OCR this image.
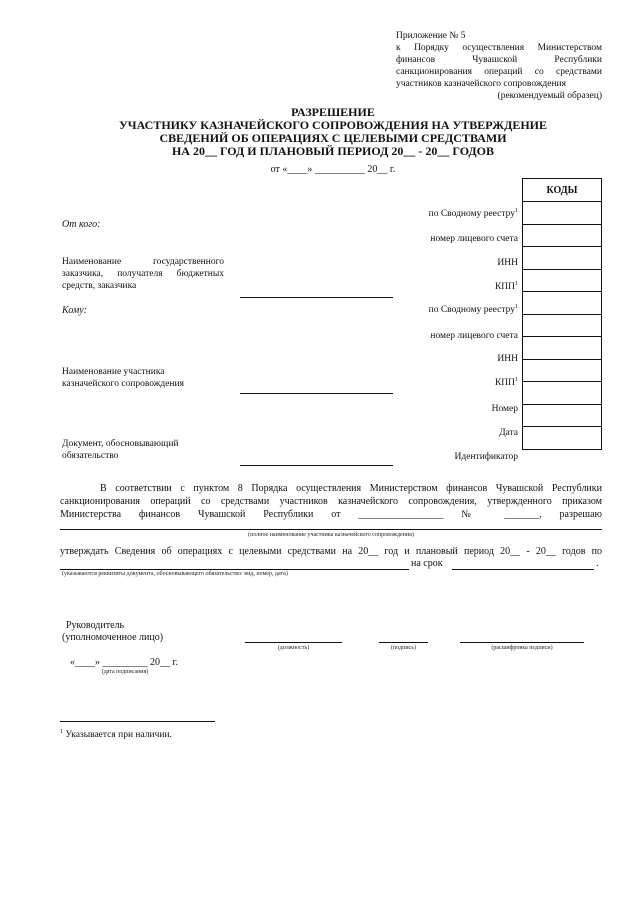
Приложение № 5
к Порядку осуществления Министерством
финансов Чувашской Республики
санкционирования операций со средствами
участников казначейского сопровождения
(рекомендуемый образец)
РАЗРЕШЕНИЕ
УЧАСТНИКУ КАЗНАЧЕЙСКОГО СОПРОВОЖДЕНИЯ НА УТВЕРЖДЕНИЕ
СВЕДЕНИЙ ОБ ОПЕРАЦИЯХ С ЦЕЛЕВЫМИ СРЕДСТВАМИ
НА 20__ ГОД И ПЛАНОВЫЙ ПЕРИОД 20__ - 20__ ГОДОВ
от «____» __________ 20__ г.
КОДЫ

по Сводному реестру$^1$
номер лицевого счета
ИНН
КПП$^1$
по Сводному реестру$^1$
номер лицевого счета
ИНН
КПП$^1$
Номер
Дата
Идентификатор
От кого:
Наименование государственного заказчика, получателя бюджетных средств, заказчика
Кому:
Наименование участника казначейского сопровождения
Документ, обосновывающий обязательство
В соответствии с пунктом 8 Порядка осуществления Министерством финансов Чувашской Республики санкционирования операций со средствами участников казначейского сопровождения, утвержденного приказом Министерства финансов Чувашской Республики от _________________ № _______, разрешаю
(полное наименование участника казначейского сопровождения)
утверждать Сведения об операциях с целевыми средствами на 20__ год и плановый период 20__ - 20__ годов по
на срок	.
(указываются реквизиты документа, обосновывающего обязательство: вид, номер, дата)
Руководитель
(уполномоченное лицо)
(должность)	(подпись)	(расшифровка подписи)
«____» _________ 20__ г.
(дата подписания)
$^1$ Указывается при наличии.
